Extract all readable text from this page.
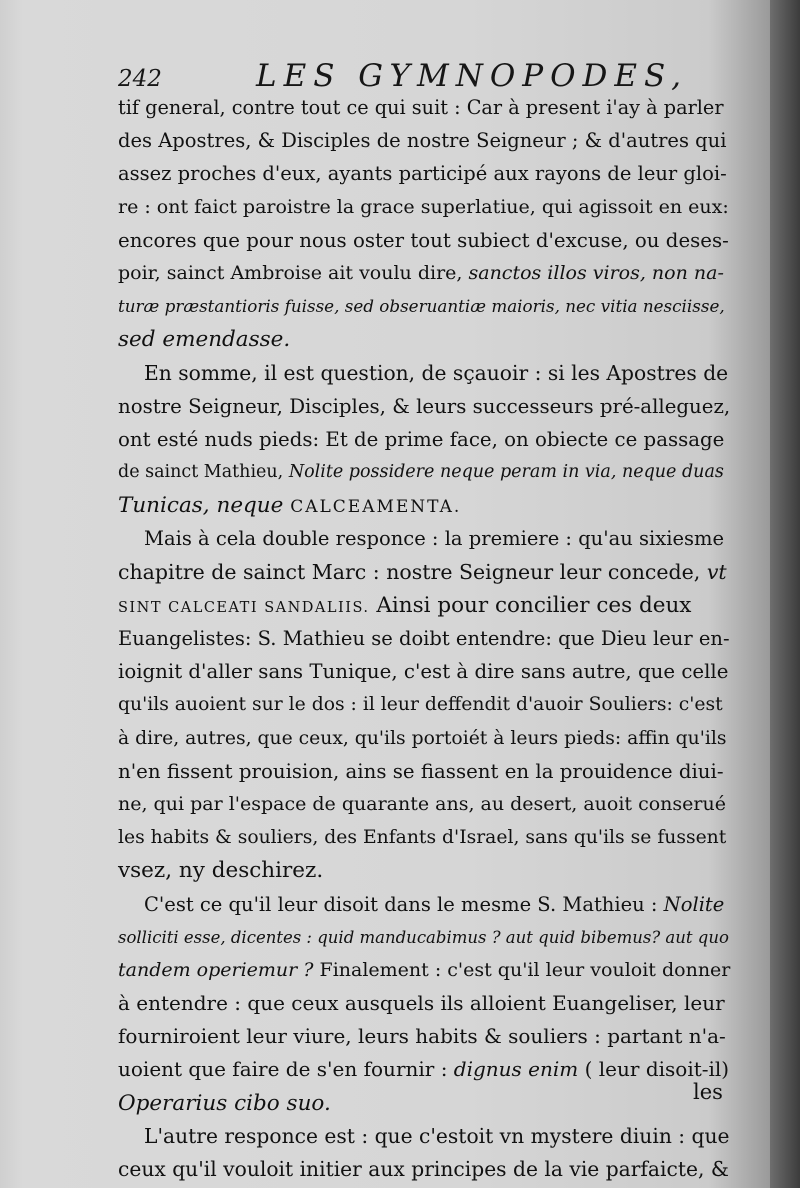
242	LES GYMNOPODES,
tif general, contre tout ce qui suit : Car à present i'ay à parler
des Apostres, & Disciples de nostre Seigneur ; & d'autres qui
assez proches d'eux, ayants participé aux rayons de leur gloi-
re : ont faict paroistre la grace superlatiue, qui agissoit en eux:
encores que pour nous oster tout subiect d'excuse, ou deses-
poir, sainct Ambroise ait voulu dire, sanctos illos viros, non na-
turæ præstantioris fuisse, sed obseruantiæ maioris, nec vitia nesciisse,
sed emendasse.
En somme, il est question, de sçauoir : si les Apostres de
nostre Seigneur, Disciples, & leurs successeurs pré-alleguez,
ont esté nuds pieds: Et de prime face, on obiecte ce passage
de sainct Mathieu, Nolite possidere neque peram in via, neque duas
Tunicas, neque CALCEAMENTA.
Mais à cela double responce : la premiere : qu'au sixiesme
chapitre de sainct Marc : nostre Seigneur leur concede, vt
SINT CALCEATI SANDALIIS. Ainsi pour concilier ces deux
Euangelistes: S. Mathieu se doibt entendre: que Dieu leur en-
ioignit d'aller sans Tunique, c'est à dire sans autre, que celle
qu'ils auoient sur le dos : il leur deffendit d'auoir Souliers: c'est
à dire, autres, que ceux, qu'ils portoiét à leurs pieds: affin qu'ils
n'en fissent prouision, ains se fiassent en la prouidence diui-
ne, qui par l'espace de quarante ans, au desert, auoit conserué
les habits & souliers, des Enfants d'Israel, sans qu'ils se fussent
vsez, ny deschirez.
C'est ce qu'il leur disoit dans le mesme S. Mathieu : Nolite
solliciti esse, dicentes : quid manducabimus ? aut quid bibemus? aut quo
tandem operiemur ? Finalement : c'est qu'il leur vouloit donner
à entendre : que ceux ausquels ils alloient Euangeliser, leur
fourniroient leur viure, leurs habits & souliers : partant n'a-
uoient que faire de s'en fournir : dignus enim ( leur disoit-il)
Operarius cibo suo.
L'autre responce est : que c'estoit vn mystere diuin : que
ceux qu'il vouloit initier aux principes de la vie parfaicte, &
les
